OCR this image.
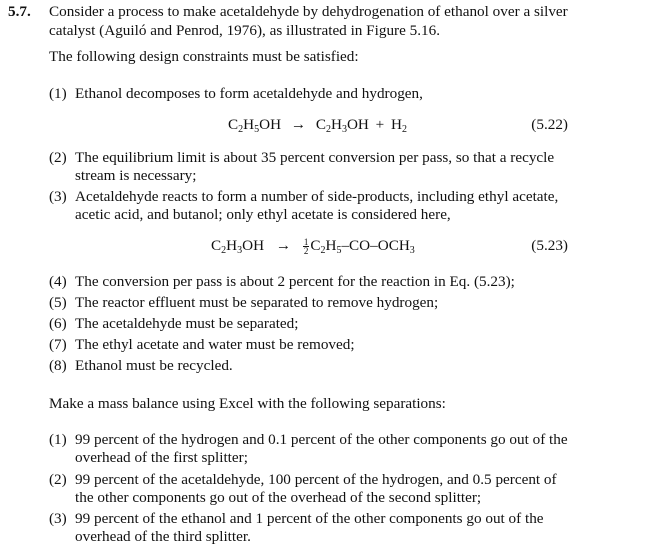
5.7. Consider a process to make acetaldehyde by dehydrogenation of ethanol over a silver
catalyst (Aguiló and Penrod, 1976), as illustrated in Figure 5.16.
The following design constraints must be satisfied:
(1) Ethanol decomposes to form acetaldehyde and hydrogen,
$C_2H_5OH \to C_2H_3OH + H_2$	(5.22)
(2) The equilibrium limit is about 35 percent conversion per pass, so that a recycle
stream is necessary;
(3) Acetaldehyde reacts to form a number of side-products, including ethyl acetate,
acetic acid, and butanol; only ethyl acetate is considered here,
$C_2H_3OH \to \frac{1}{2} C_2H_5-CO-OCH_3$	(5.23)
(4) The conversion per pass is about 2 percent for the reaction in Eq. (5.23);
(5) The reactor effluent must be separated to remove hydrogen;
(6) The acetaldehyde must be separated;
(7) The ethyl acetate and water must be removed;
(8) Ethanol must be recycled.
Make a mass balance using Excel with the following separations:
(1) 99 percent of the hydrogen and 0.1 percent of the other components go out of the
overhead of the first splitter;
(2) 99 percent of the acetaldehyde, 100 percent of the hydrogen, and 0.5 percent of
the other components go out of the overhead of the second splitter;
(3) 99 percent of the ethanol and 1 percent of the other components go out of the
overhead of the third splitter.
